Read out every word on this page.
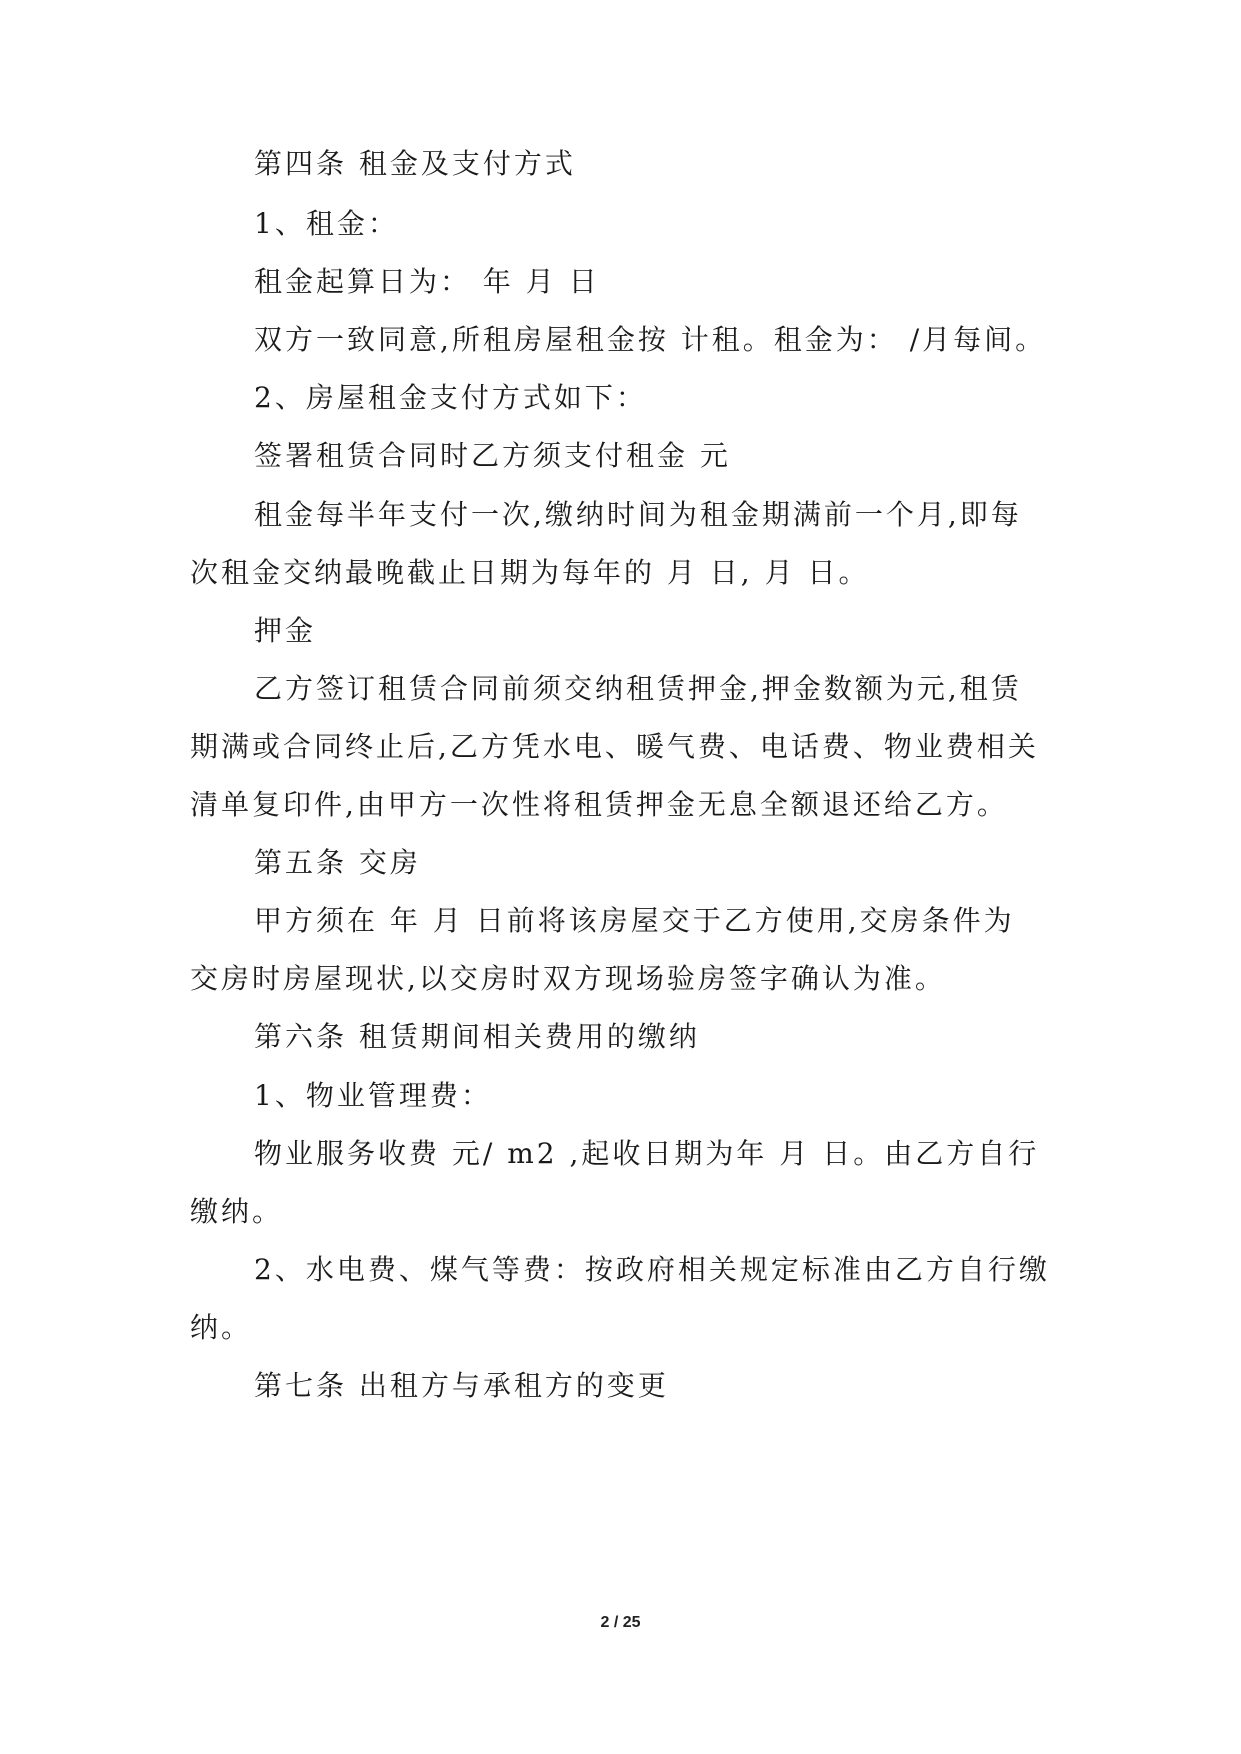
第四条 租金及支付方式
1、租金：
租金起算日为： 年 月 日
双方一致同意,所租房屋租金按 计租。租金为： /月每间。
2、房屋租金支付方式如下：
签署租赁合同时乙方须支付租金 元
租金每半年支付一次,缴纳时间为租金期满前一个月,即每
次租金交纳最晚截止日期为每年的 月 日, 月 日。
押金
乙方签订租赁合同前须交纳租赁押金,押金数额为元,租赁
期满或合同终止后,乙方凭水电、暖气费、电话费、物业费相关
清单复印件,由甲方一次性将租赁押金无息全额退还给乙方。
第五条 交房
甲方须在 年 月 日前将该房屋交于乙方使用,交房条件为
交房时房屋现状,以交房时双方现场验房签字确认为准。
第六条 租赁期间相关费用的缴纳
1、物业管理费：
物业服务收费 元/ m2 ,起收日期为年 月 日。由乙方自行
缴纳。
2、水电费、煤气等费：按政府相关规定标准由乙方自行缴
纳。
第七条 出租方与承租方的变更
2 / 25
